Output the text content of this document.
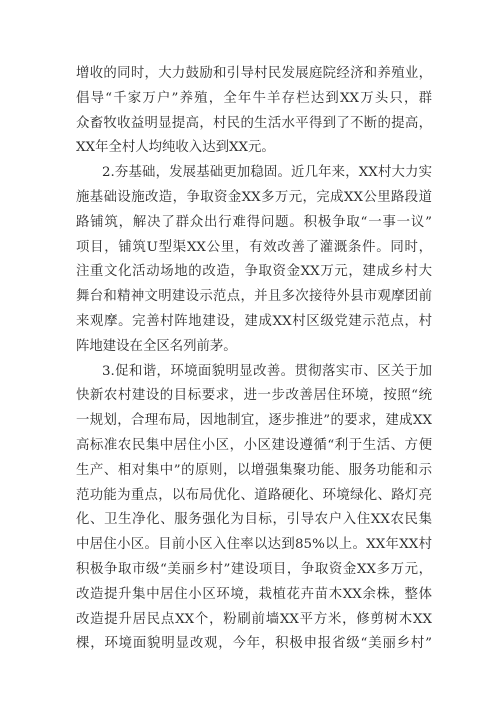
增收的同时，大力鼓励和引导村民发展庭院经济和养殖业，
倡导“千家万户”养殖，全年牛羊存栏达到XX万头只，群
众畜牧收益明显提高，村民的生活水平得到了不断的提高，
XX年全村人均纯收入达到XX元。
2.夯基础，发展基础更加稳固。近几年来，XX村大力实
施基础设施改造，争取资金XX多万元，完成XX公里路段道
路铺筑，解决了群众出行难得问题。积极争取“一事一议”
项目，铺筑U型渠XX公里，有效改善了灌溉条件。同时，
注重文化活动场地的改造，争取资金XX万元，建成乡村大
舞台和精神文明建设示范点，并且多次接待外县市观摩团前
来观摩。完善村阵地建设，建成XX村区级党建示范点，村
阵地建设在全区名列前茅。
3.促和谐，环境面貌明显改善。贯彻落实市、区关于加
快新农村建设的目标要求，进一步改善居住环境，按照“统
一规划，合理布局，因地制宜，逐步推进”的要求，建成XX
高标准农民集中居住小区，小区建设遵循“利于生活、方便
生产、相对集中”的原则，以增强集聚功能、服务功能和示
范功能为重点，以布局优化、道路硬化、环境绿化、路灯亮
化、卫生净化、服务强化为目标，引导农户入住XX农民集
中居住小区。目前小区入住率以达到85%以上。XX年XX村
积极争取市级“美丽乡村”建设项目，争取资金XX多万元，
改造提升集中居住小区环境，栽植花卉苗木XX余株，整体
改造提升居民点XX个，粉刷前墙XX平方米，修剪树木XX
棵，环境面貌明显改观，今年，积极申报省级“美丽乡村”
